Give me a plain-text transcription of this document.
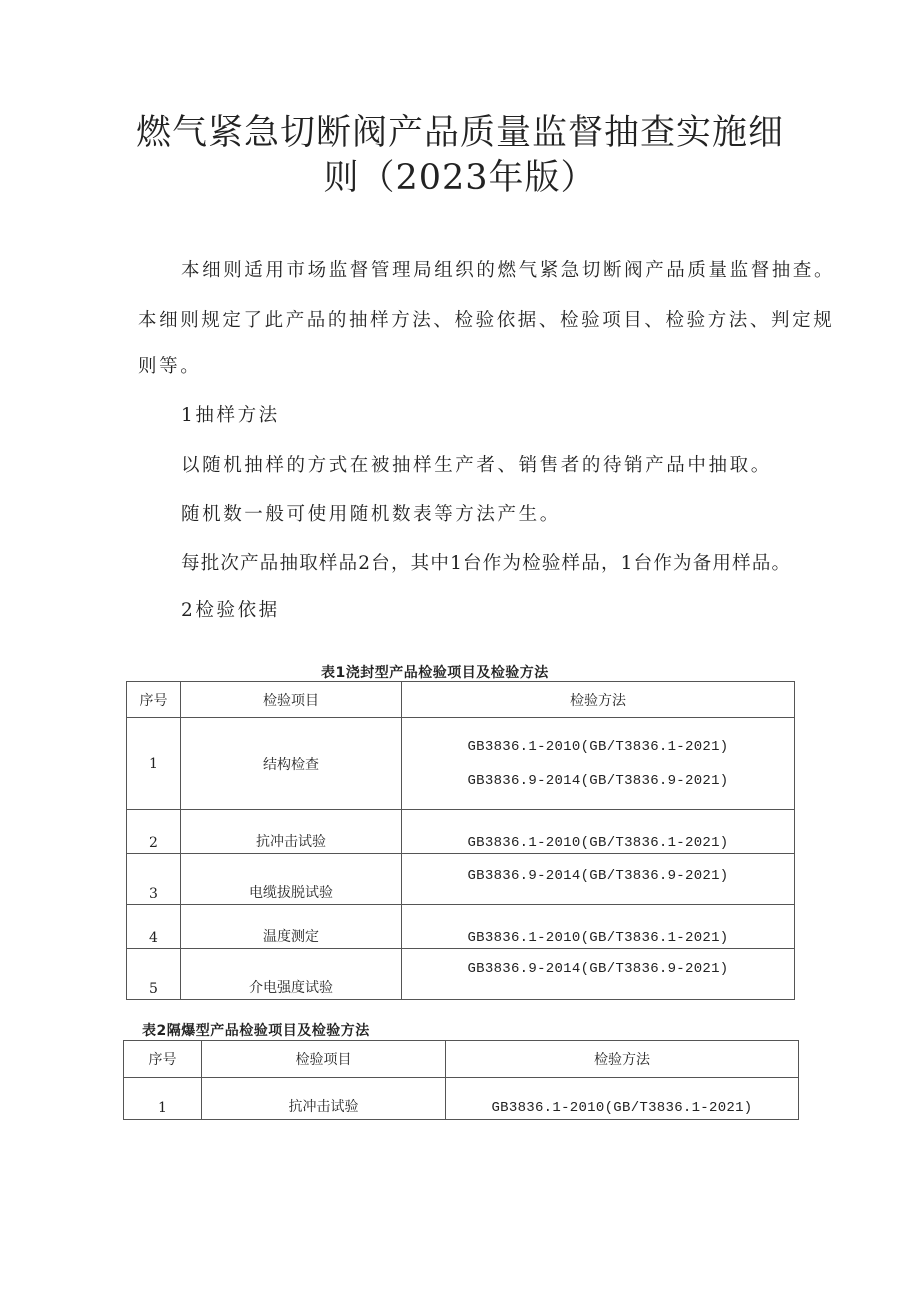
燃气紧急切断阀产品质量监督抽查实施细
则（2023年版）
本细则适用市场监督管理局组织的燃气紧急切断阀产品质量监督抽查。
本细则规定了此产品的抽样方法、检验依据、检验项目、检验方法、判定规
则等。
1抽样方法
以随机抽样的方式在被抽样生产者、销售者的待销产品中抽取。
随机数一般可使用随机数表等方法产生。
每批次产品抽取样品2台，其中1台作为检验样品，1台作为备用样品。
2检验依据
表1浇封型产品检验项目及检验方法
序号	检验项目	检验方法
1	结构检查	GB3836.1-2010(GB/T3836.1-2021)
GB3836.9-2014(GB/T3836.9-2021)

2	抗冲击试验	GB3836.1-2010(GB/T3836.1-2021)
3	电缆拔脱试验	GB3836.9-2014(GB/T3836.9-2021)
4	温度测定	GB3836.1-2010(GB/T3836.1-2021)
5	介电强度试验	GB3836.9-2014(GB/T3836.9-2021)
表2隔爆型产品检验项目及检验方法
序号	检验项目	检验方法
1	抗冲击试验	GB3836.1-2010(GB/T3836.1-2021)
